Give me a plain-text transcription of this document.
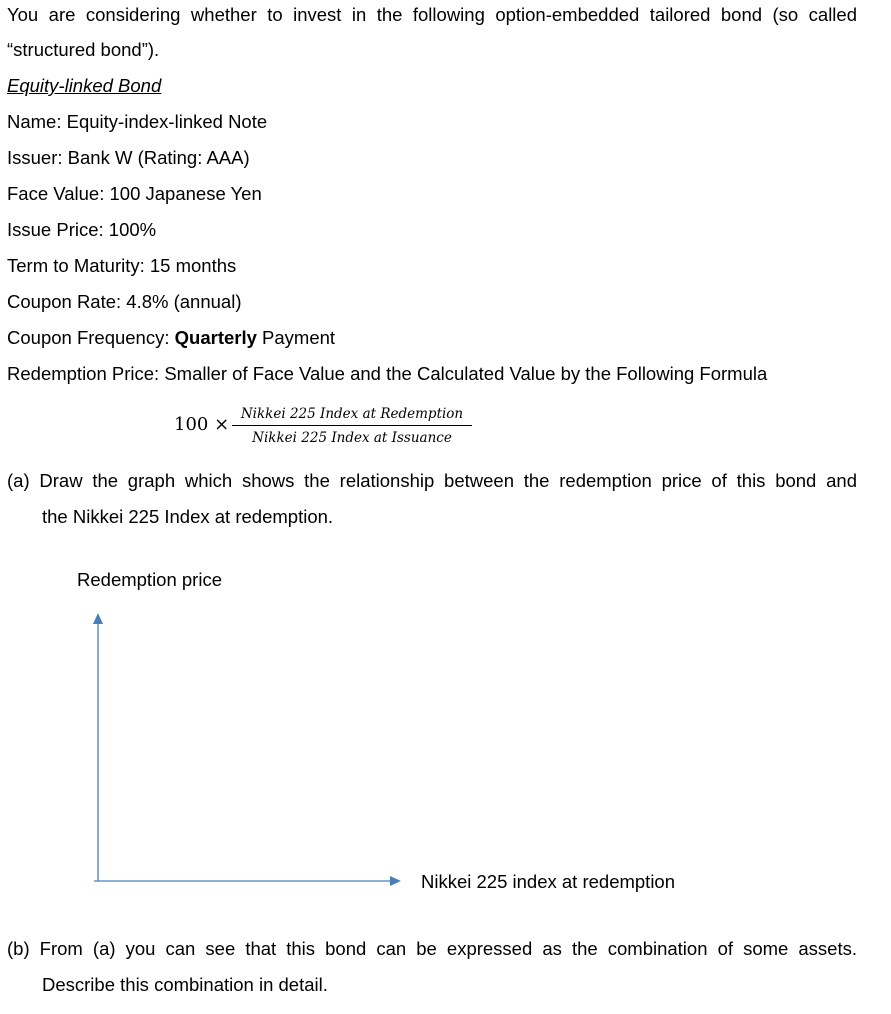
You are considering whether to invest in the following option-embedded tailored bond (so called
“structured bond”).
Equity-linked Bond
Name: Equity-index-linked Note
Issuer: Bank W (Rating: AAA)
Face Value: 100 Japanese Yen
Issue Price: 100%
Term to Maturity: 15 months
Coupon Rate: 4.8% (annual)
Coupon Frequency: Quarterly Payment
Redemption Price: Smaller of Face Value and the Calculated Value by the Following Formula
100 × Nikkei 225 Index at Redemption
Nikkei 225 Index at Issuance
(a) Draw the graph which shows the relationship between the redemption price of this bond and
the Nikkei 225 Index at redemption.
Redemption price
Nikkei 225 index at redemption
(b) From (a) you can see that this bond can be expressed as the combination of some assets.
Describe this combination in detail.
